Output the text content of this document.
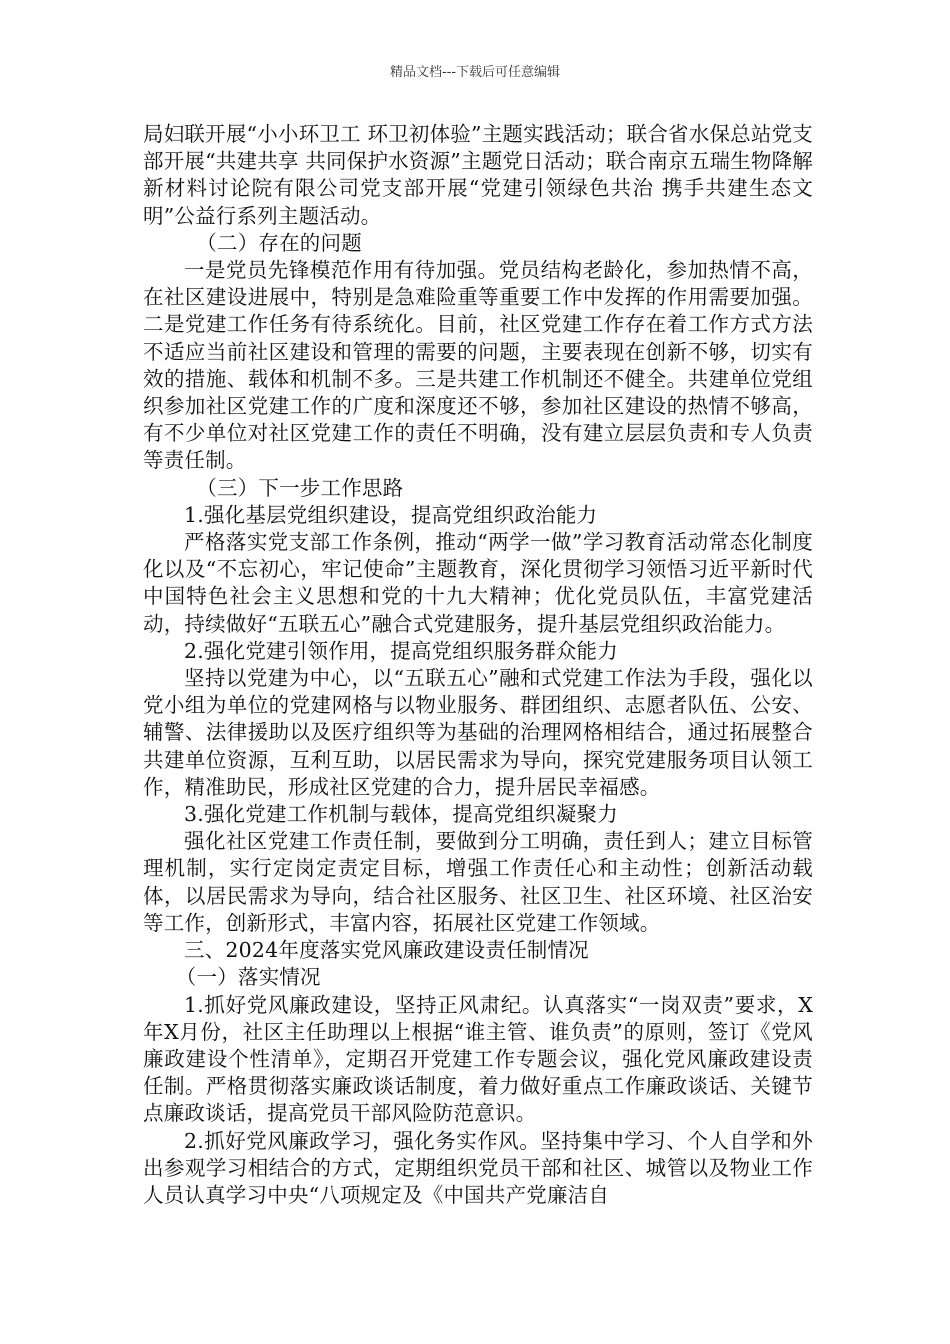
精品文档---下载后可任意编辑

局妇联开展“小小环卫工 环卫初体验”主题实践活动；联合省水保总站党支部开展“共建共享 共同保护水资源”主题党日活动；联合南京五瑞生物降解新材料讨论院有限公司党支部开展“党建引领绿色共治 携手共建生态文明”公益行系列主题活动。

（二）存在的问题

一是党员先锋模范作用有待加强。党员结构老龄化，参加热情不高，在社区建设进展中，特别是急难险重等重要工作中发挥的作用需要加强。二是党建工作任务有待系统化。目前，社区党建工作存在着工作方式方法不适应当前社区建设和管理的需要的问题，主要表现在创新不够，切实有效的措施、载体和机制不多。三是共建工作机制还不健全。共建单位党组织参加社区党建工作的广度和深度还不够，参加社区建设的热情不够高，有不少单位对社区党建工作的责任不明确，没有建立层层负责和专人负责等责任制。

（三）下一步工作思路

1.强化基层党组织建设，提高党组织政治能力

严格落实党支部工作条例，推动“两学一做”学习教育活动常态化制度化以及“不忘初心，牢记使命”主题教育，深化贯彻学习领悟习近平新时代中国特色社会主义思想和党的十九大精神；优化党员队伍，丰富党建活动，持续做好“五联五心”融合式党建服务，提升基层党组织政治能力。

2.强化党建引领作用，提高党组织服务群众能力

坚持以党建为中心，以“五联五心”融和式党建工作法为手段，强化以党小组为单位的党建网格与以物业服务、群团组织、志愿者队伍、公安、辅警、法律援助以及医疗组织等为基础的治理网格相结合，通过拓展整合共建单位资源，互利互助，以居民需求为导向，探究党建服务项目认领工作，精准助民，形成社区党建的合力，提升居民幸福感。

3.强化党建工作机制与载体，提高党组织凝聚力

强化社区党建工作责任制，要做到分工明确，责任到人；建立目标管理机制，实行定岗定责定目标，增强工作责任心和主动性；创新活动载体，以居民需求为导向，结合社区服务、社区卫生、社区环境、社区治安等工作，创新形式，丰富内容，拓展社区党建工作领域。

三、2024年度落实党风廉政建设责任制情况

（一）落实情况

1.抓好党风廉政建设，坚持正风肃纪。认真落实“一岗双责”要求，X年X月份，社区主任助理以上根据“谁主管、谁负责”的原则，签订《党风廉政建设个性清单》，定期召开党建工作专题会议，强化党风廉政建设责任制。严格贯彻落实廉政谈话制度，着力做好重点工作廉政谈话、关键节点廉政谈话，提高党员干部风险防范意识。

2.抓好党风廉政学习，强化务实作风。坚持集中学习、个人自学和外出参观学习相结合的方式，定期组织党员干部和社区、城管以及物业工作人员认真学习中央“八项规定及《中国共产党廉洁自
